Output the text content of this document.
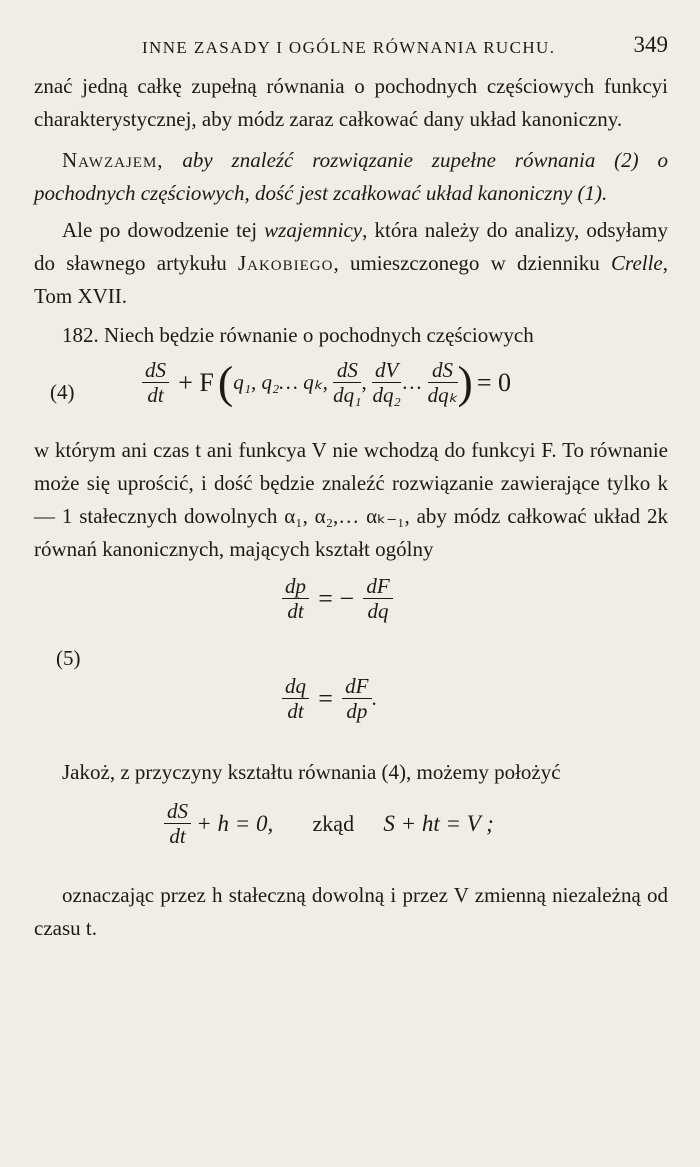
INNE ZASADY I OGÓLNE RÓWNANIA RUCHU.	349

znać jedną całkę zupełną równania o pochodnych częściowych funkcyi charakterystycznej, aby módz zaraz całkować dany układ kanoniczny.

Nawzajem, aby znaleźć rozwiązanie zupełne równania (2) o pochodnych częściowych, dość jest zcałkować układ kanoniczny (1).

Ale po dowodzenie tej wzajemnicy, która należy do analizy, odsyłamy do sławnego artykułu Jakobiego, umieszczonego w dzienniku Crelle, Tom XVII.

182. Niech będzie równanie o pochodnych częściowych

(4)	$\frac{dS}{dt} + F(q_1$, q₂… qₖ, $\frac{dS}{\text{dq₁}}$ , $\frac{dV}{\text{dq₂}}$ … $\frac{dS}{\text{dqₖ}}$ ) = 0

w którym ani czas t ani funkcya V nie wchodzą do funkcyi F. To równanie może się uprościć, i dość będzie znaleźć rozwiązanie zawierające tylko k — 1 stałecznych dowolnych α₁, α₂,… αₖ₋₁, aby módz całkować układ 2k równań kanonicznych, mających kształt ogólny

$\frac{dp}{dt}$ = − $\frac{dF}{dq}$
(5)
$\frac{dq}{dt} = \frac{dF}{dp}$ .

Jakoż, z przyczyny kształtu równania (4), możemy położyć

$\frac{dS}{dt} + h = 0$, zkąd S + ht = V ;

oznaczając przez h stałeczną dowolną i przez V zmienną niezależną od czasu t.
